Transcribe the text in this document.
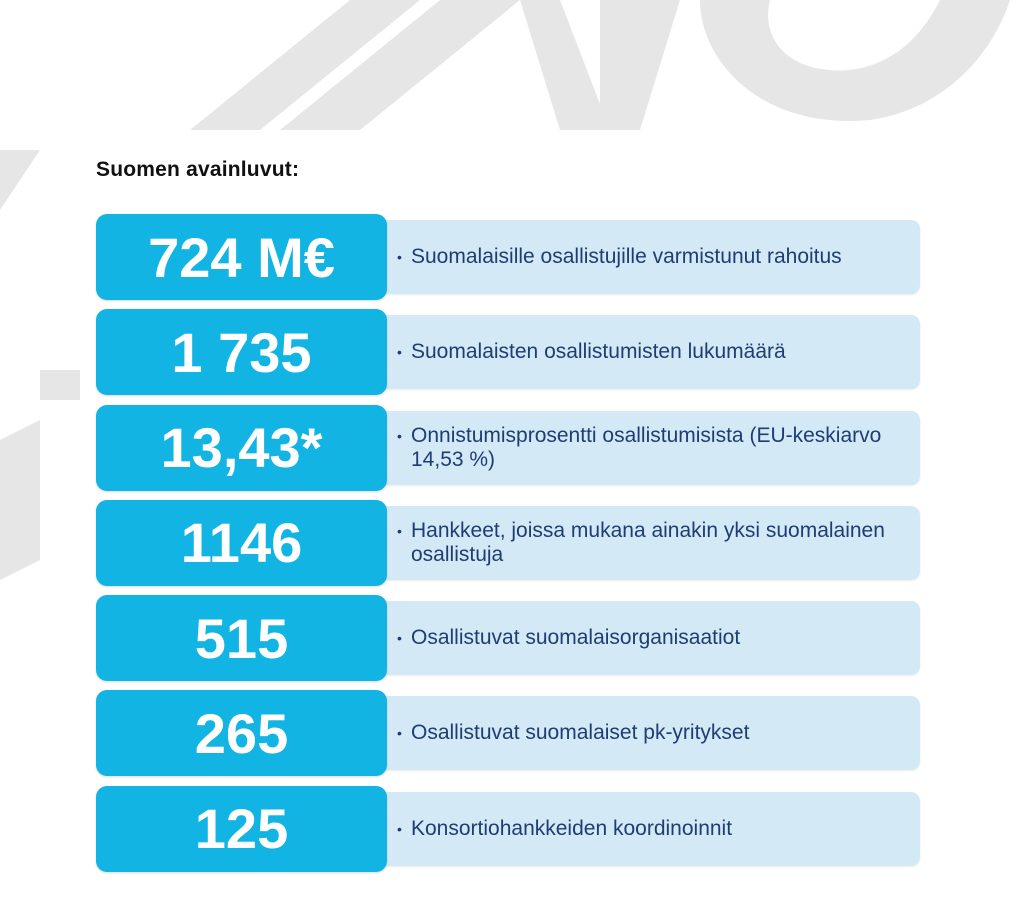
Suomen avainluvut:
724 M€	• Suomalaisille osallistujille varmistunut rahoitus
1 735	• Suomalaisten osallistumisten lukumäärä
13,43*	• Onnistumisprosentti osallistumisista (EU-keskiarvo 14,53 %)
1146	• Hankkeet, joissa mukana ainakin yksi suomalainen osallistuja
515	• Osallistuvat suomalaisorganisaatiot
265	• Osallistuvat suomalaiset pk-yritykset
125	• Konsortiohankkeiden koordinoinnit
